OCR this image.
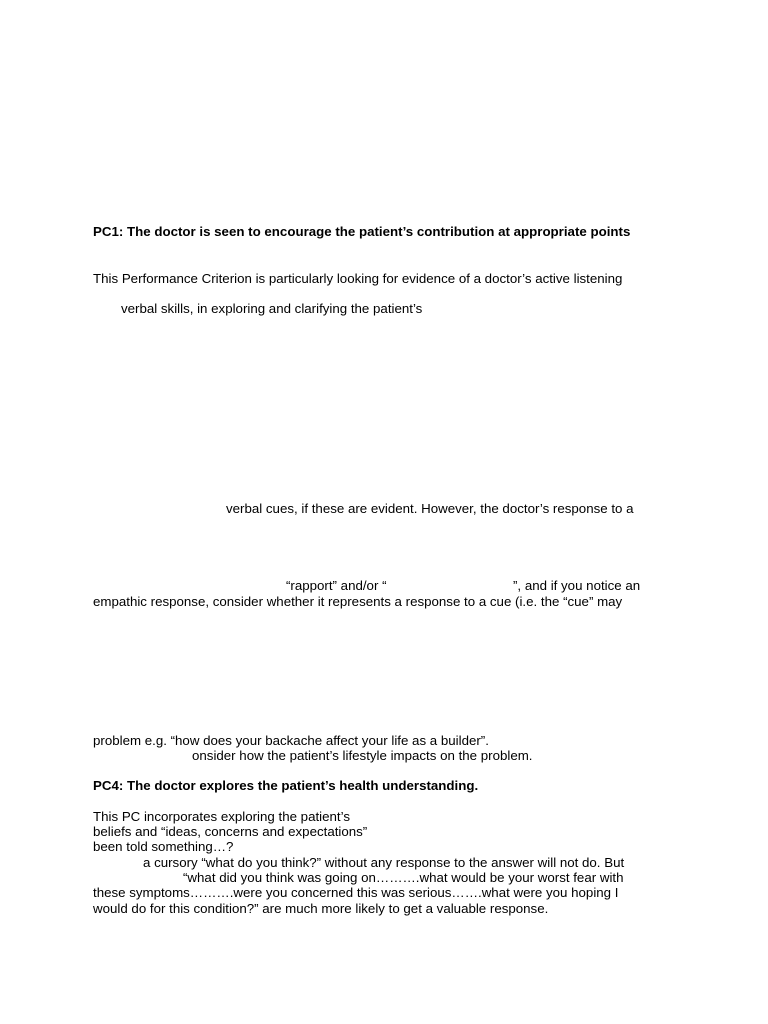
PC1: The doctor is seen to encourage the patient’s contribution at appropriate points
This Performance Criterion is particularly looking for evidence of a doctor’s active listening
verbal skills, in exploring and clarifying the patient’s
verbal cues, if these are evident. However, the doctor’s response to a
“rapport” and/or “	”, and if you notice an
empathic response, consider whether it represents a response to a cue (i.e. the “cue” may
problem e.g. “how does your backache affect your life as a builder”.
onsider how the patient’s lifestyle impacts on the problem.
PC4: The doctor explores the patient’s health understanding.
This PC incorporates exploring the patient’s
beliefs and “ideas, concerns and expectations”
been told something…?
a cursory “what do you think?” without any response to the answer will not do. But
“what did you think was going on……….what would be your worst fear with
these symptoms……….were you concerned this was serious…….what were you hoping I
would do for this condition?” are much more likely to get a valuable response.
